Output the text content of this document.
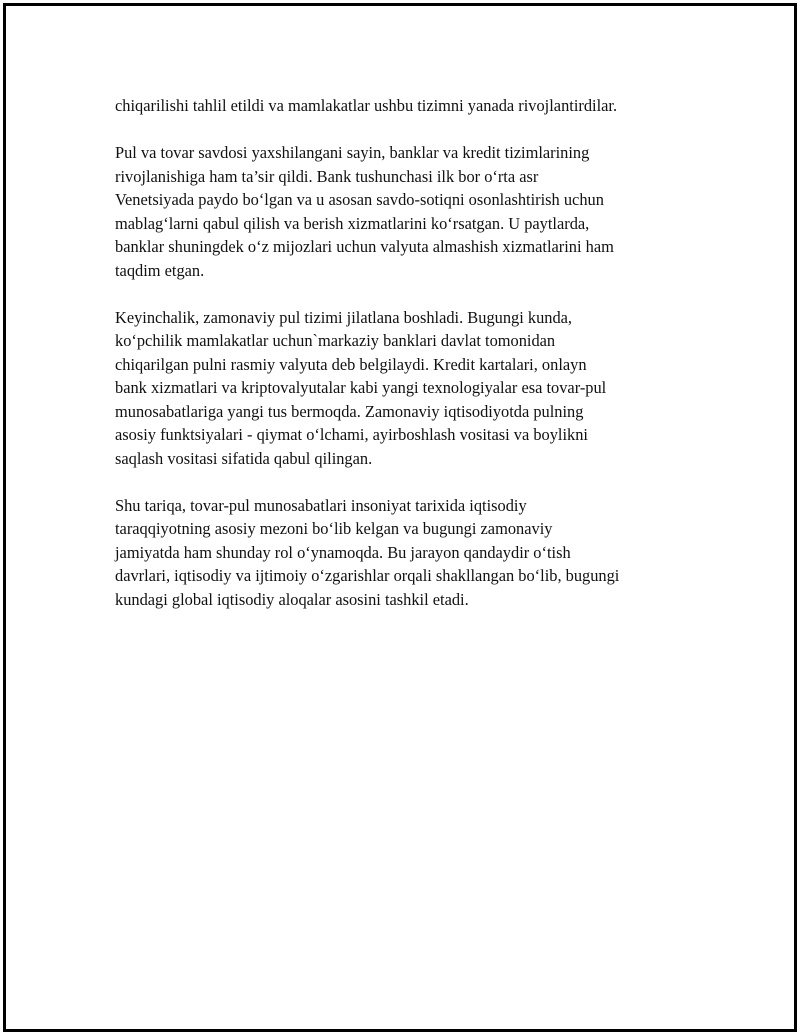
chiqarilishi tahlil etildi va mamlakatlar ushbu tizimni yanada rivojlantirdilar.

Pul va tovar savdosi yaxshilangani sayin, banklar va kredit tizimlarining
rivojlanishiga ham ta’sir qildi. Bank tushunchasi ilk bor o‘rta asr
Venetsiyada paydo bo‘lgan va u asosan savdo-sotiqni osonlashtirish uchun
mablag‘larni qabul qilish va berish xizmatlarini ko‘rsatgan. U paytlarda,
banklar shuningdek o‘z mijozlari uchun valyuta almashish xizmatlarini ham
taqdim etgan.

Keyinchalik, zamonaviy pul tizimi jilatlana boshladi. Bugungi kunda,
ko‘pchilik mamlakatlar uchun`markaziy banklari davlat tomonidan
chiqarilgan pulni rasmiy valyuta deb belgilaydi. Kredit kartalari, onlayn
bank xizmatlari va kriptovalyutalar kabi yangi texnologiyalar esa tovar-pul
munosabatlariga yangi tus bermoqda. Zamonaviy iqtisodiyotda pulning
asosiy funktsiyalari - qiymat o‘lchami, ayirboshlash vositasi va boylikni
saqlash vositasi sifatida qabul qilingan.

Shu tariqa, tovar-pul munosabatlari insoniyat tarixida iqtisodiy
taraqqiyotning asosiy mezoni bo‘lib kelgan va bugungi zamonaviy
jamiyatda ham shunday rol o‘ynamoqda. Bu jarayon qandaydir o‘tish
davrlari, iqtisodiy va ijtimoiy o‘zgarishlar orqali shakllangan bo‘lib, bugungi
kundagi global iqtisodiy aloqalar asosini tashkil etadi.
